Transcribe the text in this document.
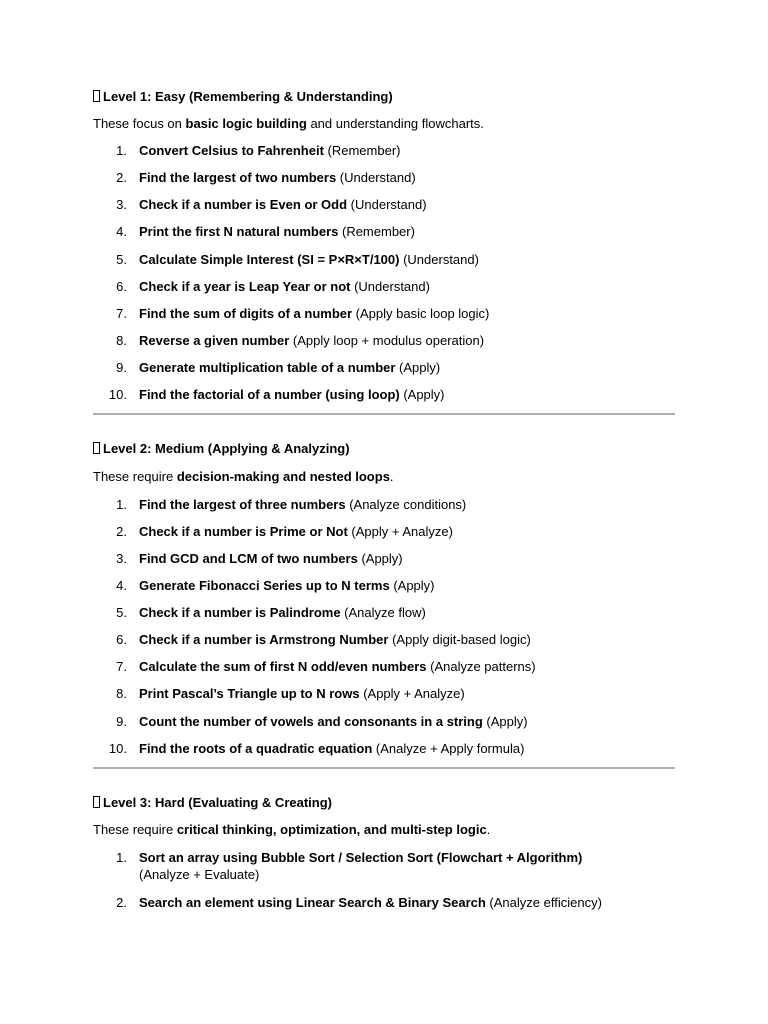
Level 1: Easy (Remembering & Understanding)
These focus on basic logic building and understanding flowcharts.
1. Convert Celsius to Fahrenheit (Remember)
2. Find the largest of two numbers (Understand)
3. Check if a number is Even or Odd (Understand)
4. Print the first N natural numbers (Remember)
5. Calculate Simple Interest (SI = P×R×T/100) (Understand)
6. Check if a year is Leap Year or not (Understand)
7. Find the sum of digits of a number (Apply basic loop logic)
8. Reverse a given number (Apply loop + modulus operation)
9. Generate multiplication table of a number (Apply)
10. Find the factorial of a number (using loop) (Apply)
Level 2: Medium (Applying & Analyzing)
These require decision-making and nested loops.
1. Find the largest of three numbers (Analyze conditions)
2. Check if a number is Prime or Not (Apply + Analyze)
3. Find GCD and LCM of two numbers (Apply)
4. Generate Fibonacci Series up to N terms (Apply)
5. Check if a number is Palindrome (Analyze flow)
6. Check if a number is Armstrong Number (Apply digit-based logic)
7. Calculate the sum of first N odd/even numbers (Analyze patterns)
8. Print Pascal’s Triangle up to N rows (Apply + Analyze)
9. Count the number of vowels and consonants in a string (Apply)
10. Find the roots of a quadratic equation (Analyze + Apply formula)
Level 3: Hard (Evaluating & Creating)
These require critical thinking, optimization, and multi-step logic.
1. Sort an array using Bubble Sort / Selection Sort (Flowchart + Algorithm) (Analyze + Evaluate)
2. Search an element using Linear Search & Binary Search (Analyze efficiency)
